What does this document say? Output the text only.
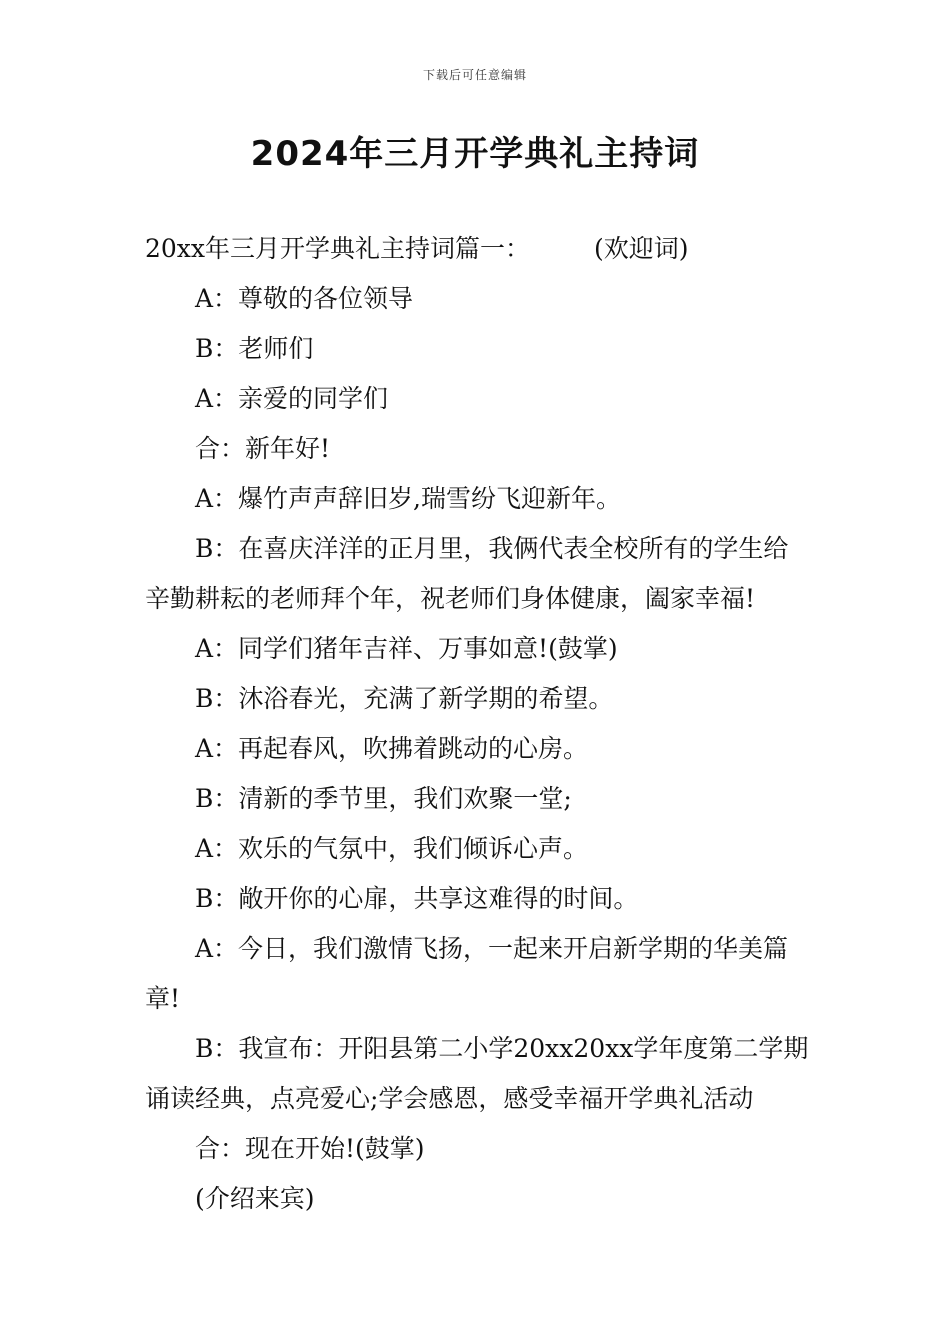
下载后可任意编辑
2024年三月开学典礼主持词

20xx年三月开学典礼主持词篇一：	(欢迎词)

A：尊敬的各位领导

B：老师们

A：亲爱的同学们

合：新年好!

A：爆竹声声辞旧岁,瑞雪纷飞迎新年。

B：在喜庆洋洋的正月里，我俩代表全校所有的学生给

辛勤耕耘的老师拜个年，祝老师们身体健康，阖家幸福!

A：同学们猪年吉祥、万事如意!(鼓掌)

B：沐浴春光，充满了新学期的希望。

A：再起春风，吹拂着跳动的心房。

B：清新的季节里，我们欢聚一堂;

A：欢乐的气氛中，我们倾诉心声。

B：敞开你的心扉，共享这难得的时间。

A：今日，我们激情飞扬，一起来开启新学期的华美篇

章!

B：我宣布：开阳县第二小学20xx20xx学年度第二学期

诵读经典，点亮爱心;学会感恩，感受幸福开学典礼活动

合：现在开始!(鼓掌)

(介绍来宾)
